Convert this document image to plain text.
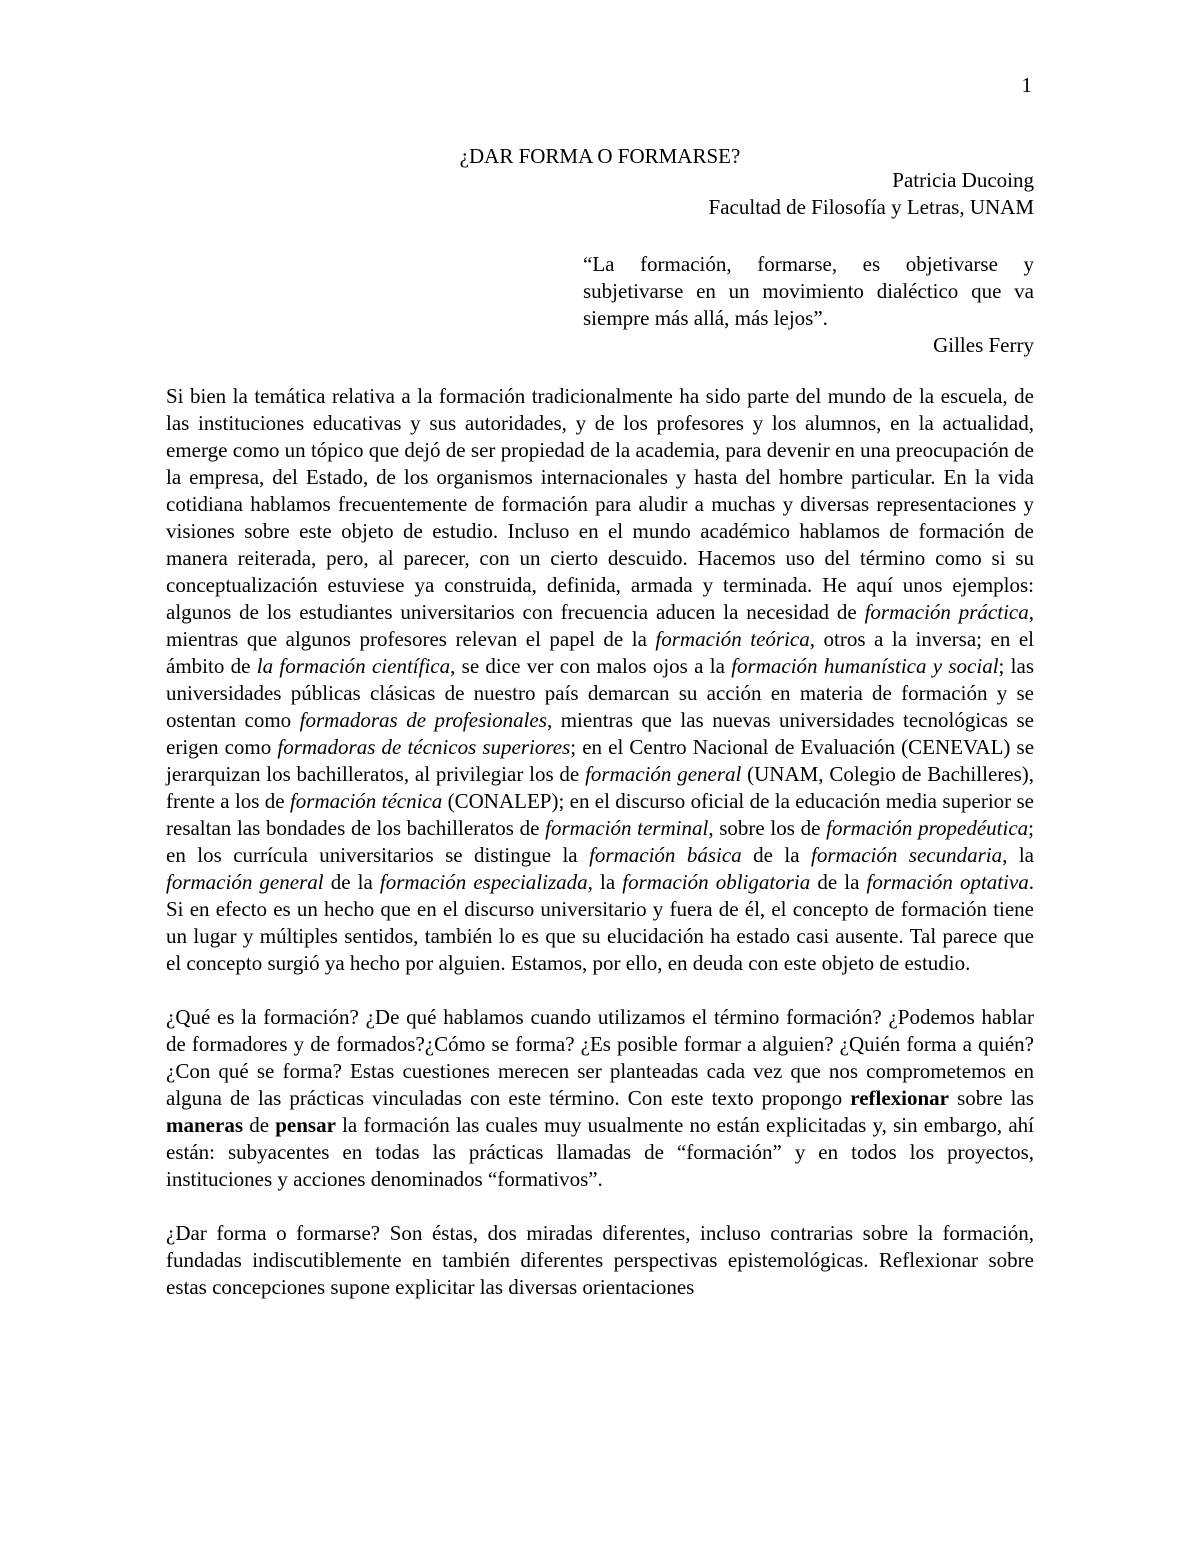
1
¿DAR FORMA O FORMARSE?
Patricia Ducoing
Facultad de Filosofía y Letras, UNAM
“La formación, formarse, es objetivarse y subjetivarse en un movimiento dialéctico que va siempre más allá, más lejos”.
Gilles Ferry

Si bien la temática relativa a la formación tradicionalmente ha sido parte del mundo de la escuela, de las instituciones educativas y sus autoridades, y de los profesores y los alumnos, en la actualidad, emerge como un tópico que dejó de ser propiedad de la academia, para devenir en una preocupación de la empresa, del Estado, de los organismos internacionales y hasta del hombre particular. En la vida cotidiana hablamos frecuentemente de formación para aludir a muchas y diversas representaciones y visiones sobre este objeto de estudio. Incluso en el mundo académico hablamos de formación de manera reiterada, pero, al parecer, con un cierto descuido. Hacemos uso del término como si su conceptualización estuviese ya construida, definida, armada y terminada. He aquí unos ejemplos: algunos de los estudiantes universitarios con frecuencia aducen la necesidad de formación práctica, mientras que algunos profesores relevan el papel de la formación teórica, otros a la inversa; en el ámbito de la formación científica, se dice ver con malos ojos a la formación humanística y social; las universidades públicas clásicas de nuestro país demarcan su acción en materia de formación y se ostentan como formadoras de profesionales, mientras que las nuevas universidades tecnológicas se erigen como formadoras de técnicos superiores; en el Centro Nacional de Evaluación (CENEVAL) se jerarquizan los bachilleratos, al privilegiar los de formación general (UNAM, Colegio de Bachilleres), frente a los de formación técnica (CONALEP); en el discurso oficial de la educación media superior se resaltan las bondades de los bachilleratos de formación terminal, sobre los de formación propedéutica; en los currícula universitarios se distingue la formación básica de la formación secundaria, la formación general de la formación especializada, la formación obligatoria de la formación optativa. Si en efecto es un hecho que en el discurso universitario y fuera de él, el concepto de formación tiene un lugar y múltiples sentidos, también lo es que su elucidación ha estado casi ausente. Tal parece que el concepto surgió ya hecho por alguien. Estamos, por ello, en deuda con este objeto de estudio.

¿Qué es la formación? ¿De qué hablamos cuando utilizamos el término formación? ¿Podemos hablar de formadores y de formados?¿Cómo se forma? ¿Es posible formar a alguien? ¿Quién forma a quién? ¿Con qué se forma? Estas cuestiones merecen ser planteadas cada vez que nos comprometemos en alguna de las prácticas vinculadas con este término. Con este texto propongo reflexionar sobre las maneras de pensar la formación las cuales muy usualmente no están explicitadas y, sin embargo, ahí están: subyacentes en todas las prácticas llamadas de “formación” y en todos los proyectos, instituciones y acciones denominados “formativos”.

¿Dar forma o formarse? Son éstas, dos miradas diferentes, incluso contrarias sobre la formación, fundadas indiscutiblemente en también diferentes perspectivas epistemológicas. Reflexionar sobre estas concepciones supone explicitar las diversas orientaciones
